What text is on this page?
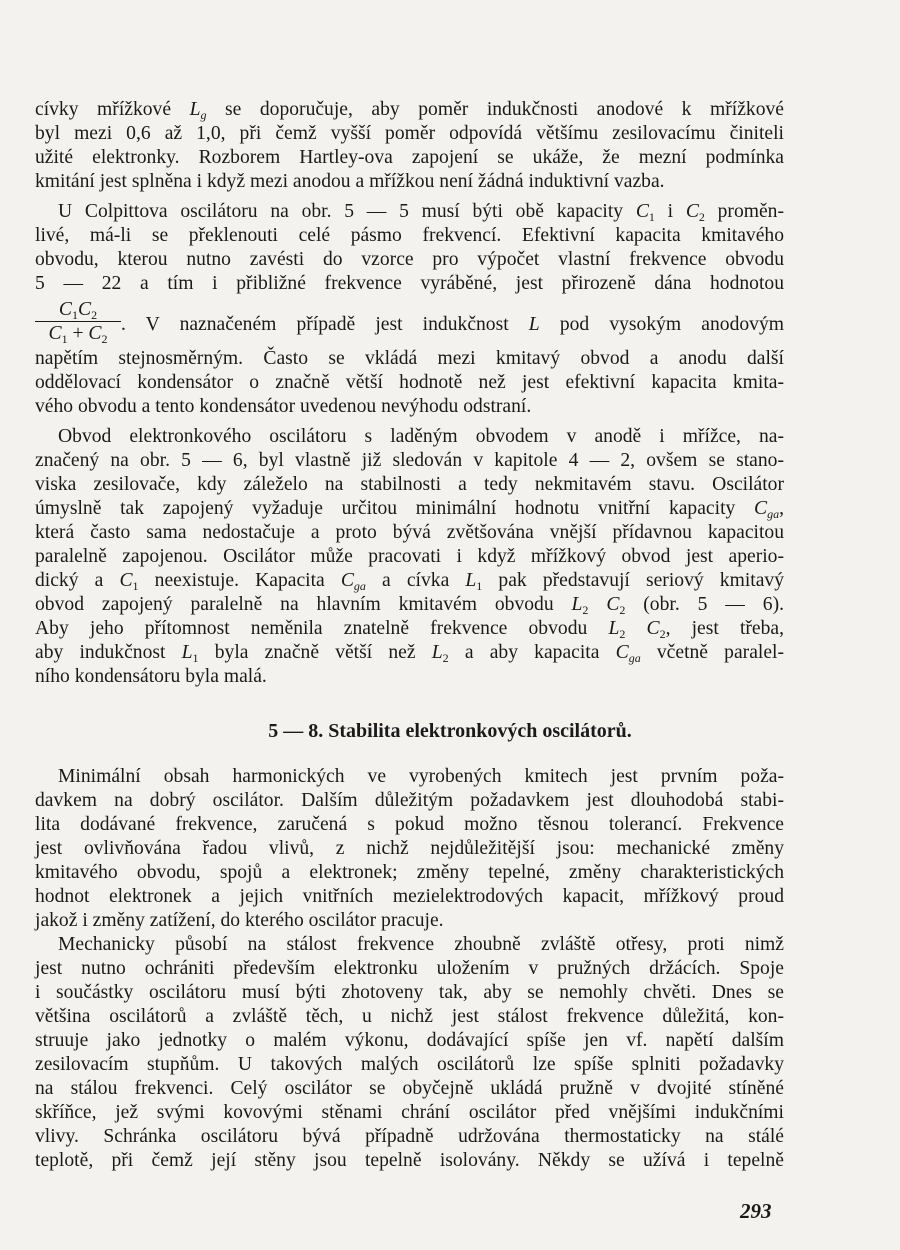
cívky mřížkové $L_g$ se doporučuje, aby poměr indukčnosti anodové k mřížkové
byl mezi 0,6 až 1,0, při čemž vyšší poměr odpovídá většímu zesilovacímu činiteli
užité elektronky. Rozborem Hartley-ova zapojení se ukáže, že mezní podmínka
kmitání jest splněna i když mezi anodou a mřížkou není žádná induktivní vazba.
U Colpittova oscilátoru na obr. 5 — 5 musí býti obě kapacity $C_1$ i $C_2$ proměn-
livé, má-li se překlenouti celé pásmo frekvencí. Efektivní kapacita kmitavého
obvodu, kterou nutno zavésti do vzorce pro výpočet vlastní frekvence obvodu
5 — 22 a tím i přibližné frekvence vyráběné, jest přirozeně dána hodnotou
$\frac{C_1C_2}{C_1 + C_2}$ . V naznačeném případě jest indukčnost L pod vysokým anodovým
napětím stejnosměrným. Často se vkládá mezi kmitavý obvod a anodu další
oddělovací kondensátor o značně větší hodnotě než jest efektivní kapacita kmita-
vého obvodu a tento kondensátor uvedenou nevýhodu odstraní.
Obvod elektronkového oscilátoru s laděným obvodem v anodě i mřížce, na-
značený na obr. 5 — 6, byl vlastně již sledován v kapitole 4 — 2, ovšem se stano-
viska zesilovače, kdy záleželo na stabilnosti a tedy nekmitavém stavu. Oscilátor
úmyslně tak zapojený vyžaduje určitou minimální hodnotu vnitřní kapacity $C_{ga}$,
která často sama nedostačuje a proto bývá zvětšována vnější přídavnou kapacitou
paralelně zapojenou. Oscilátor může pracovati i když mřížkový obvod jest aperio-
dický a $C_1$ neexistuje. Kapacita $C_{ga}$ a cívka $L_1$ pak představují seriový kmitavý
obvod zapojený paralelně na hlavním kmitavém obvodu $L_2$ $C_2$ (obr. 5 — 6).
Aby jeho přítomnost neměnila znatelně frekvence obvodu $L_2$ $C_2$, jest třeba,
aby indukčnost $L_1$ byla značně větší než $L_2$ a aby kapacita $C_{ga}$ včetně paralel-
ního kondensátoru byla malá.
5 — 8. Stabilita elektronkových oscilátorů.
Minimální obsah harmonických ve vyrobených kmitech jest prvním poža-
davkem na dobrý oscilátor. Dalším důležitým požadavkem jest dlouhodobá stabi-
lita dodávané frekvence, zaručená s pokud možno těsnou tolerancí. Frekvence
jest ovlivňována řadou vlivů, z nichž nejdůležitější jsou: mechanické změny
kmitavého obvodu, spojů a elektronek; změny tepelné, změny charakteristických
hodnot elektronek a jejich vnitřních mezielektrodových kapacit, mřížkový proud
jakož i změny zatížení, do kterého oscilátor pracuje.
Mechanicky působí na stálost frekvence zhoubně zvláště otřesy, proti nimž
jest nutno ochrániti především elektronku uložením v pružných držácích. Spoje
i součástky oscilátoru musí býti zhotoveny tak, aby se nemohly chvěti. Dnes se
většina oscilátorů a zvláště těch, u nichž jest stálost frekvence důležitá, kon-
struuje jako jednotky o malém výkonu, dodávající spíše jen vf. napětí dalším
zesilovacím stupňům. U takových malých oscilátorů lze spíše splniti požadavky
na stálou frekvenci. Celý oscilátor se obyčejně ukládá pružně v dvojité stíněné
skříňce, jež svými kovovými stěnami chrání oscilátor před vnějšími indukčními
vlivy. Schránka oscilátoru bývá případně udržována thermostaticky na stálé
teplotě, při čemž její stěny jsou tepelně isolovány. Někdy se užívá i tepelně
293
